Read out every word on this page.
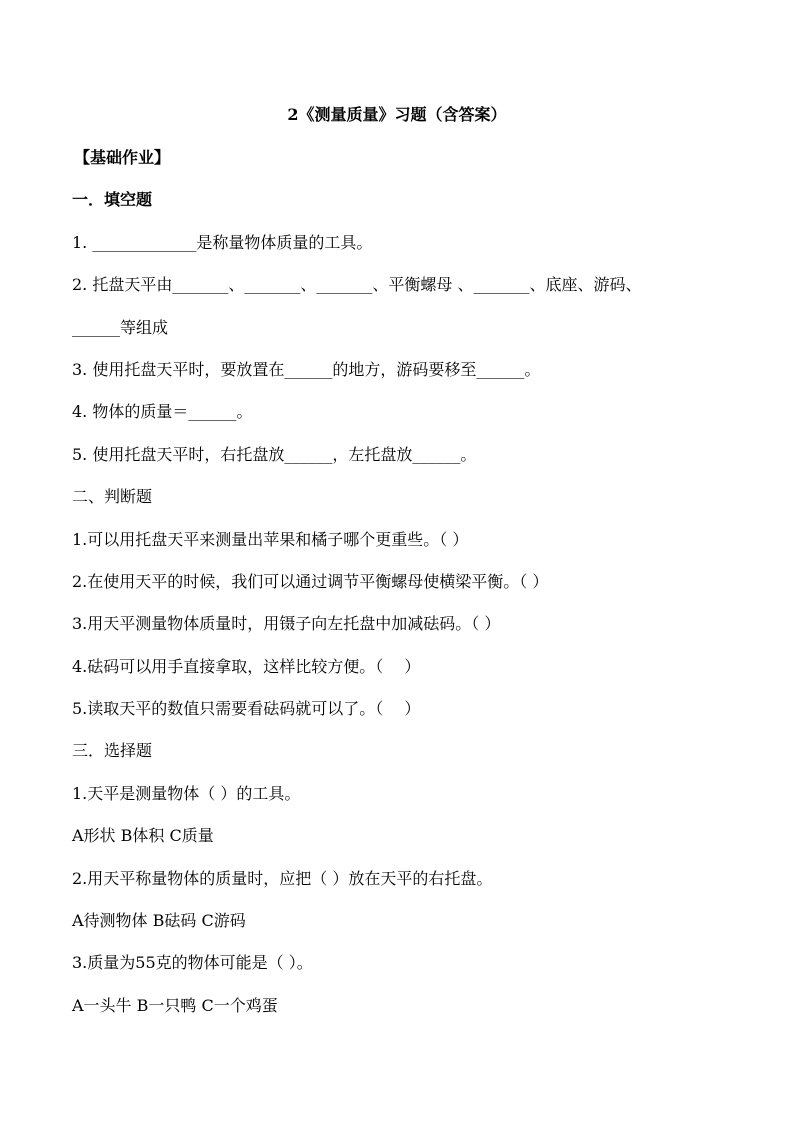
2《测量质量》习题（含答案）
【基础作业】
一．填空题
1. _____________是称量物体质量的工具。
2. 托盘天平由_______、_______、_______、平衡螺母 、_______、底座、游码、
______等组成
3. 使用托盘天平时，要放置在______的地方，游码要移至______。
4. 物体的质量＝______。
5. 使用托盘天平时，右托盘放______，左托盘放______。
二、判断题
1.可以用托盘天平来测量出苹果和橘子哪个更重些。（ ）
2.在使用天平的时候，我们可以通过调节平衡螺母使横梁平衡。（ ）
3.用天平测量物体质量时，用镊子向左托盘中加减砝码。（ ）
4.砝码可以用手直接拿取，这样比较方便。（　 ）
5.读取天平的数值只需要看砝码就可以了。（　 ）
三．选择题
1.天平是测量物体（ ）的工具。
A形状 B体积 C质量
2.用天平称量物体的质量时，应把（ ）放在天平的右托盘。
A待测物体 B砝码 C游码
3.质量为55克的物体可能是（ ）。
A一头牛 B一只鸭 C一个鸡蛋
